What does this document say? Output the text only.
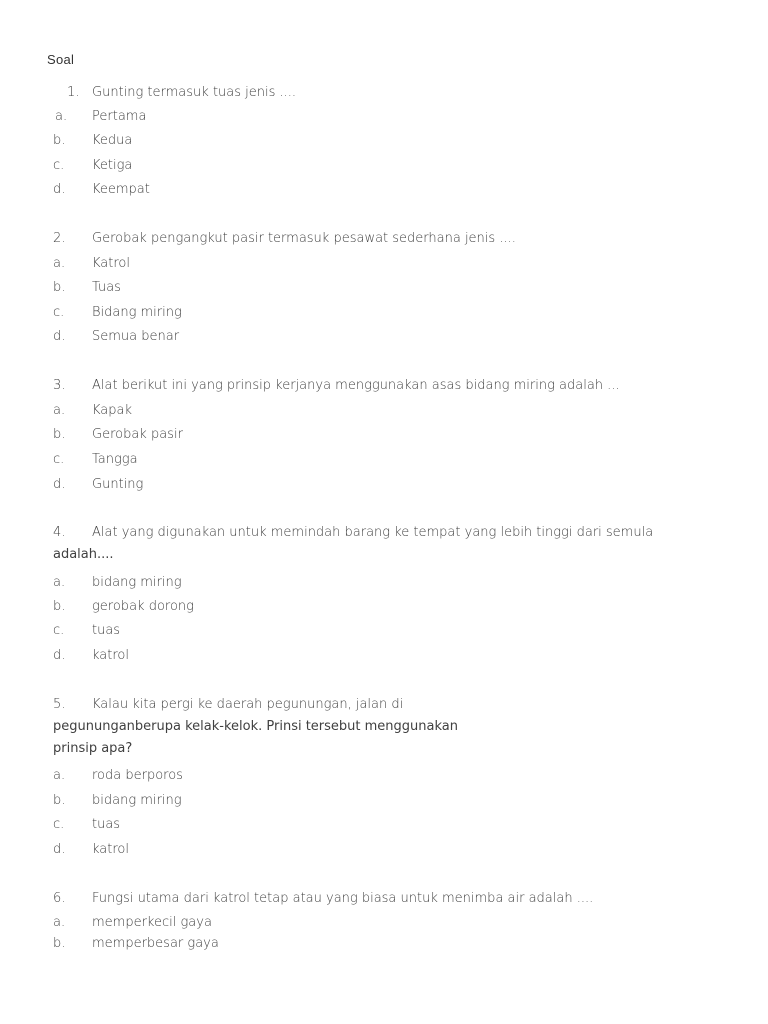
Soal
1. Gunting termasuk tuas jenis ....
a. Pertama
b. Kedua
c. Ketiga
d. Keempat
2. Gerobak pengangkut pasir termasuk pesawat sederhana jenis ....
a. Katrol
b. Tuas
c. Bidang miring
d. Semua benar
3. Alat berikut ini yang prinsip kerjanya menggunakan asas bidang miring adalah ...
a. Kapak
b. Gerobak pasir
c. Tangga
d. Gunting
4. Alat yang digunakan untuk memindah barang ke tempat yang lebih tinggi dari semula
adalah....
a. bidang miring
b. gerobak dorong
c. tuas
d. katrol
5. Kalau kita pergi ke daerah pegunungan, jalan di
pegununganberupa kelak-kelok. Prinsi tersebut menggunakan
prinsip apa?
a. roda berporos
b. bidang miring
c. tuas
d. katrol
6. Fungsi utama dari katrol tetap atau yang biasa untuk menimba air adalah ....
a. memperkecil gaya
b. memperbesar gaya
